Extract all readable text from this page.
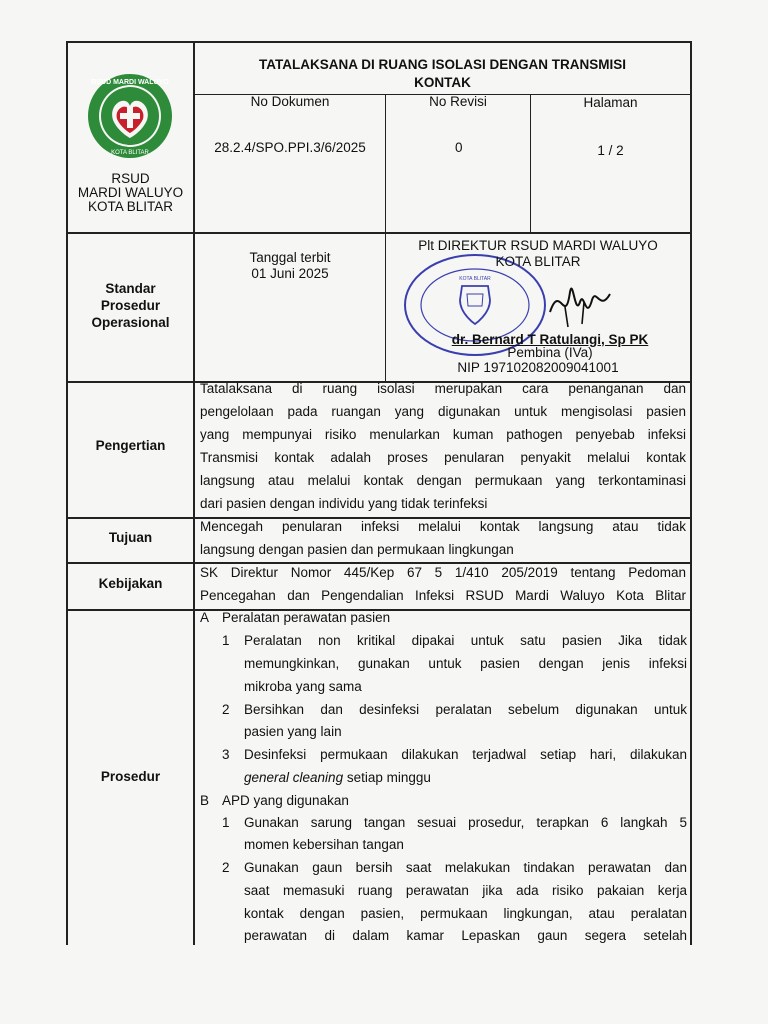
RSUD MARDI WALUYO
KOTA BLITAR
RSUD
MARDI WALUYO
KOTA BLITAR
TATALAKSANA DI RUANG ISOLASI DENGAN TRANSMISI
KONTAK
No Dokumen
28.2.4/SPO.PPI.3/6/2025
No Revisi
0
Halaman
1 / 2
Standar
Prosedur
Operasional
Tanggal terbit
01 Juni 2025	KOTA BLITAR
Plt DIREKTUR RSUD MARDI WALUYO
KOTA BLITAR
dr. Bernard T Ratulangi, Sp PK
Pembina (IVa)
NIP 197102082009041001
Pengertian
Tatalaksana di ruang isolasi merupakan cara penanganan dan
pengelolaan pada ruangan yang digunakan untuk mengisolasi pasien
yang mempunyai risiko menularkan kuman pathogen penyebab infeksi
Transmisi kontak adalah proses penularan penyakit melalui kontak
langsung atau melalui kontak dengan permukaan yang terkontaminasi
dari pasien dengan individu yang tidak terinfeksi
Tujuan
Mencegah penularan infeksi melalui kontak langsung atau tidak
langsung dengan pasien dan permukaan lingkungan
Kebijakan
SK Direktur Nomor 445/Kep 67 5 1/410 205/2019 tentang Pedoman
Pencegahan dan Pengendalian Infeksi RSUD Mardi Waluyo Kota Blitar
Prosedur
A Peralatan perawatan pasien
1 Peralatan non kritikal dipakai untuk satu pasien Jika tidak
memungkinkan, gunakan untuk pasien dengan jenis infeksi
mikroba yang sama
2 Bersihkan dan desinfeksi peralatan sebelum digunakan untuk
pasien yang lain
3 Desinfeksi permukaan dilakukan terjadwal setiap hari, dilakukan
general cleaning setiap minggu
B APD yang digunakan
1 Gunakan sarung tangan sesuai prosedur, terapkan 6 langkah 5
momen kebersihan tangan
2 Gunakan gaun bersih saat melakukan tindakan perawatan dan
saat memasuki ruang perawatan jika ada risiko pakaian kerja
kontak dengan pasien, permukaan lingkungan, atau peralatan
perawatan di dalam kamar Lepaskan gaun segera setelah
